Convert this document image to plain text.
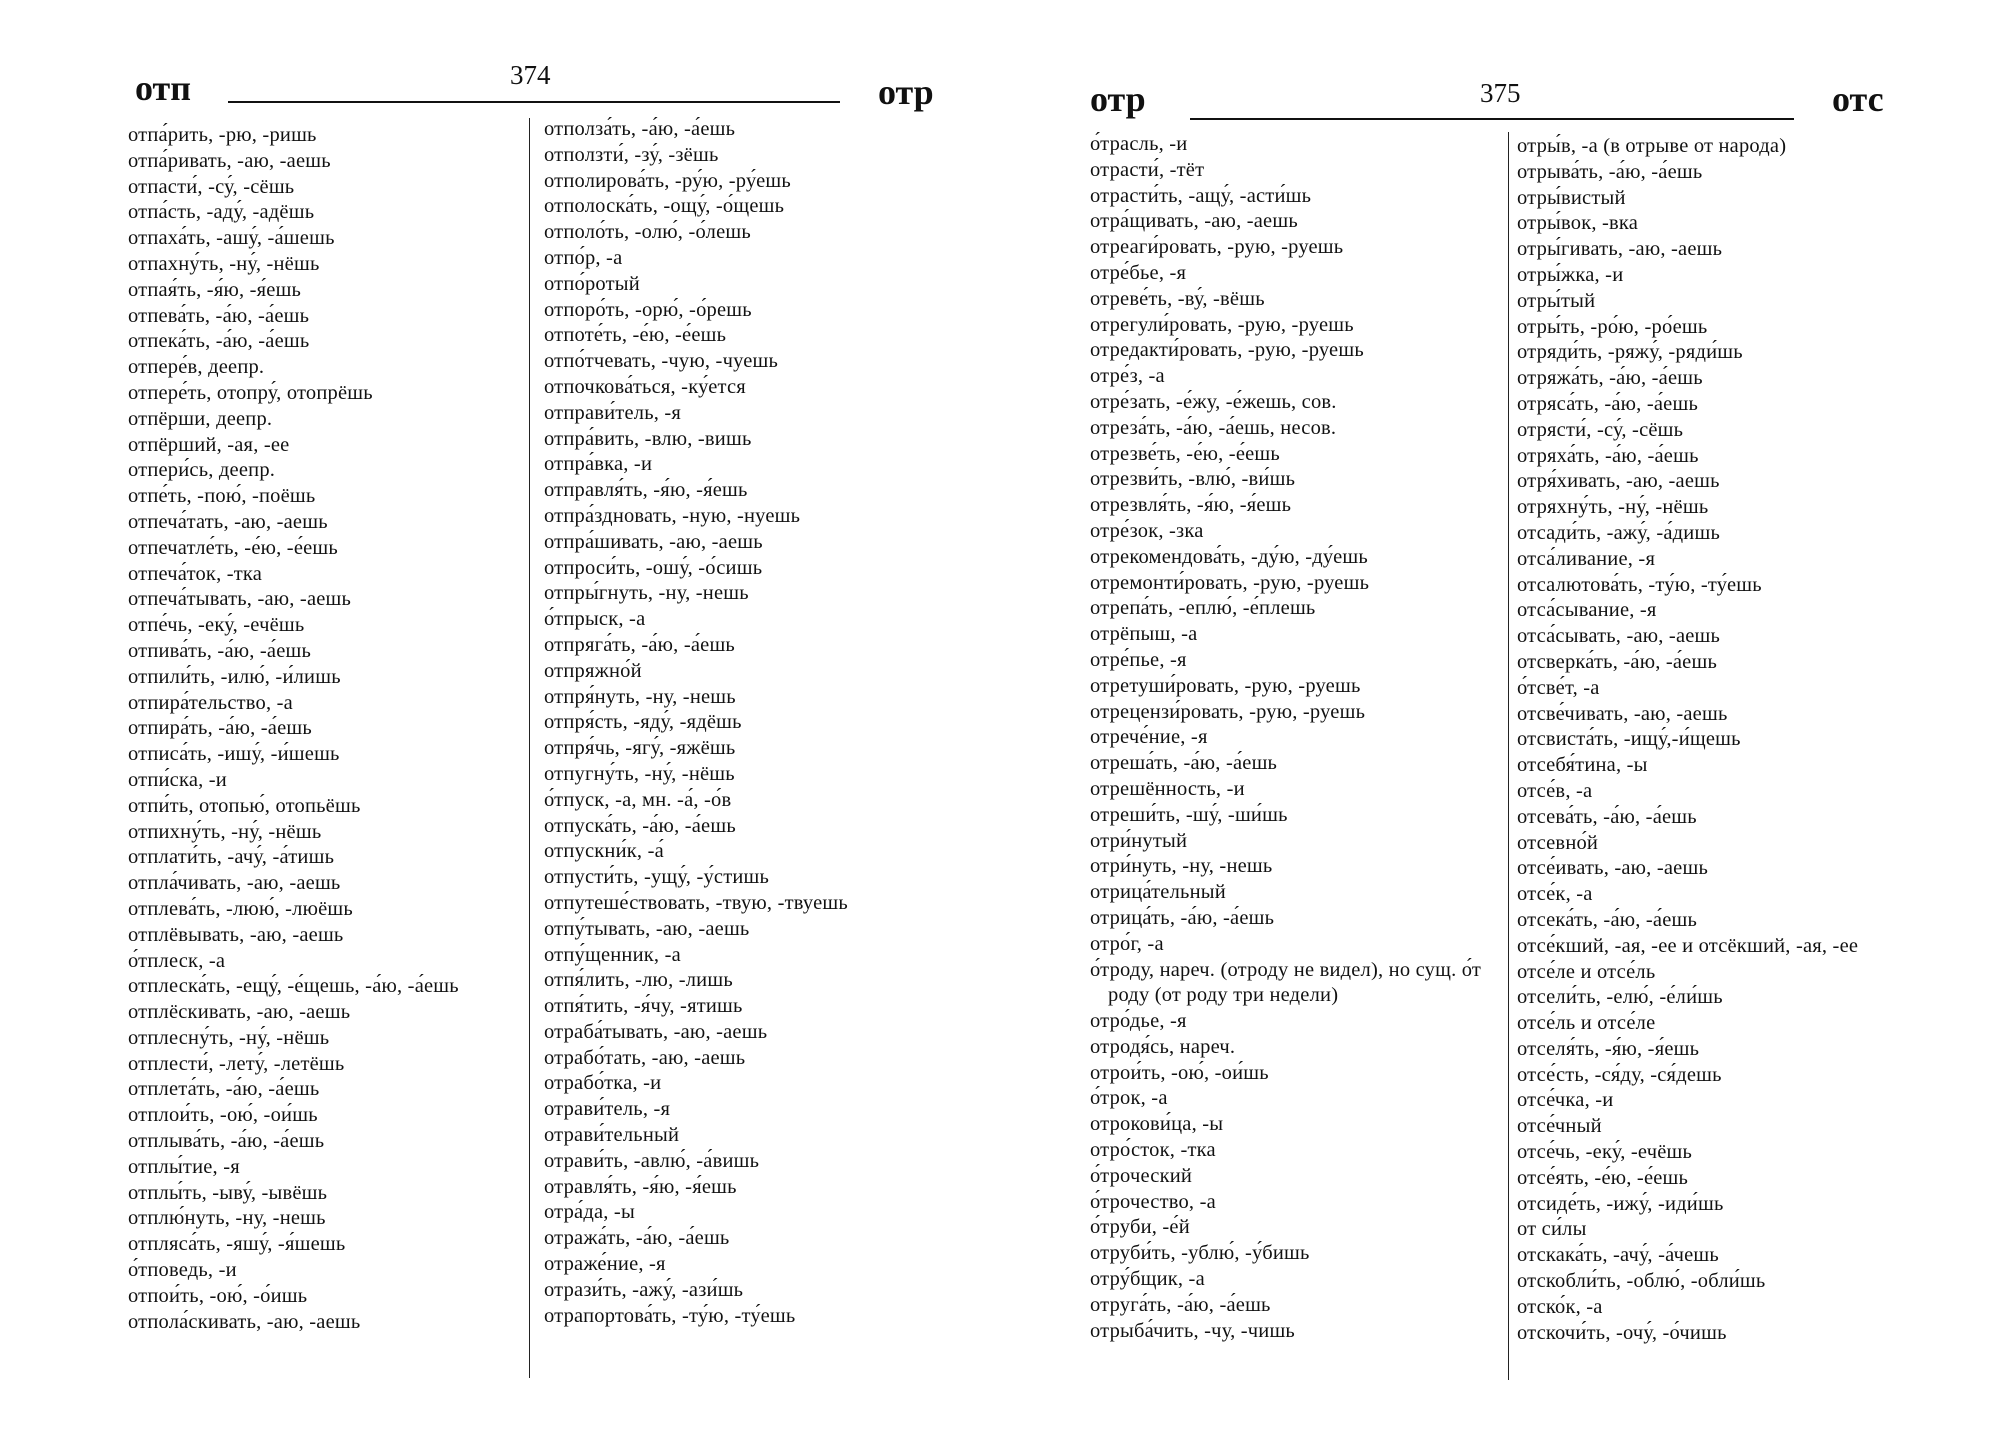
отп	374	отр
отпа́рить, -рю, -ришь
отпа́ривать, -аю, -аешь
отпасти́, -су́, -сёшь
отпа́сть, -аду́, -адёшь
отпаха́ть, -ашу́, -а́шешь
отпахну́ть, -ну́, -нёшь
отпая́ть, -я́ю, -я́ешь
отпева́ть, -а́ю, -а́ешь
отпека́ть, -а́ю, -а́ешь
отпере́в, деепр.
отпере́ть, отопру́, отопрёшь
отпёрши, деепр.
отпёрший, -ая, -ее
отпери́сь, деепр.
отпе́ть, -пою́, -поёшь
отпеча́тать, -аю, -аешь
отпечатле́ть, -е́ю, -е́ешь
отпеча́ток, -тка
отпеча́тывать, -аю, -аешь
отпе́чь, -еку́, -ечёшь
отпива́ть, -а́ю, -а́ешь
отпили́ть, -илю́, -и́лишь
отпира́тельство, -а
отпира́ть, -а́ю, -а́ешь
отписа́ть, -ишу́, -и́шешь
отпи́ска, -и
отпи́ть, отопью́, отопьёшь
отпихну́ть, -ну́, -нёшь
отплати́ть, -ачу́, -а́тишь
отпла́чивать, -аю, -аешь
отплева́ть, -люю́, -люёшь
отплёвывать, -аю, -аешь
о́тплеск, -а
отплеска́ть, -ещу́, -е́щешь, -а́ю, -а́ешь
отплёскивать, -аю, -аешь
отплесну́ть, -ну́, -нёшь
отплести́, -лету́, -летёшь
отплета́ть, -а́ю, -а́ешь
отплои́ть, -ою́, -ои́шь
отплыва́ть, -а́ю, -а́ешь
отплы́тие, -я
отплы́ть, -ыву́, -ывёшь
отплю́нуть, -ну, -нешь
отпляса́ть, -яшу́, -я́шешь
о́тповедь, -и
отпои́ть, -ою́, -о́ишь
отпола́скивать, -аю, -аешь
отполза́ть, -а́ю, -а́ешь
отползти́, -зу́, -зёшь
отполирова́ть, -ру́ю, -ру́ешь
отполоска́ть, -ощу́, -о́щешь
отполо́ть, -олю́, -о́лешь
отпо́р, -а
отпо́ротый
отпоро́ть, -орю́, -о́решь
отпоте́ть, -е́ю, -е́ешь
отпо́тчевать, -чую, -чуешь
отпочкова́ться, -ку́ется
отправи́тель, -я
отпра́вить, -влю, -вишь
отпра́вка, -и
отправля́ть, -я́ю, -я́ешь
отпра́здновать, -ную, -нуешь
отпра́шивать, -аю, -аешь
отпроси́ть, -ошу́, -о́сишь
отпры́гнуть, -ну, -нешь
о́тпрыск, -а
отпряга́ть, -а́ю, -а́ешь
отпряжно́й
отпря́нуть, -ну, -нешь
отпря́сть, -яду́, -ядёшь
отпря́чь, -ягу́, -яжёшь
отпугну́ть, -ну́, -нёшь
о́тпуск, -а, мн. -а́, -о́в
отпуска́ть, -а́ю, -а́ешь
отпускни́к, -а́
отпусти́ть, -ущу́, -у́стишь
отпутеше́ствовать, -твую, -твуешь
отпу́тывать, -аю, -аешь
отпу́щенник, -а
отпя́лить, -лю, -лишь
отпя́тить, -я́чу, -ятишь
отраба́тывать, -аю, -аешь
отрабо́тать, -аю, -аешь
отрабо́тка, -и
отрави́тель, -я
отрави́тельный
отрави́ть, -авлю́, -а́вишь
отравля́ть, -я́ю, -я́ешь
отра́да, -ы
отража́ть, -а́ю, -а́ешь
отраже́ние, -я
отрази́ть, -ажу́, -ази́шь
отрапортова́ть, -ту́ю, -ту́ешь
отр	375	отс
о́трасль, -и
отрасти́, -тёт
отрасти́ть, -ащу́, -асти́шь
отра́щивать, -аю, -аешь
отреаги́ровать, -рую, -руешь
отре́бье, -я
отреве́ть, -ву́, -вёшь
отрегули́ровать, -рую, -руешь
отредакти́ровать, -рую, -руешь
отре́з, -а
отре́зать, -е́жу, -е́жешь, сов.
отреза́ть, -а́ю, -а́ешь, несов.
отрезве́ть, -е́ю, -е́ешь
отрезви́ть, -влю́, -ви́шь
отрезвля́ть, -я́ю, -я́ешь
отре́зок, -зка
отрекомендова́ть, -ду́ю, -ду́ешь
отремонти́ровать, -рую, -руешь
отрепа́ть, -еплю́, -е́плешь
отрёпыш, -а
отре́пье, -я
отретуши́ровать, -рую, -руешь
отрецензи́ровать, -рую, -руешь
отрече́ние, -я
отреша́ть, -а́ю, -а́ешь
отрешённость, -и
отреши́ть, -шу́, -ши́шь
отри́нутый
отри́нуть, -ну, -нешь
отрица́тельный
отрица́ть, -а́ю, -а́ешь
отро́г, -а
о́троду, нареч. (отроду не видел), но сущ. о́т роду (от роду три недели)
отро́дье, -я
отродя́сь, нареч.
отрои́ть, -ою́, -ои́шь
о́трок, -а
отрокови́ца, -ы
отро́сток, -тка
о́троческий
о́трочество, -а
о́труби, -е́й
отруби́ть, -ублю́, -у́бишь
отру́бщик, -а
отруга́ть, -а́ю, -а́ешь
отрыба́чить, -чу, -чишь
отры́в, -а (в отрыве от народа)
отрыва́ть, -а́ю, -а́ешь
отры́вистый
отры́вок, -вка
отры́гивать, -аю, -аешь
отры́жка, -и
отры́тый
отры́ть, -ро́ю, -ро́ешь
отряди́ть, -ряжу́, -ряди́шь
отряжа́ть, -а́ю, -а́ешь
отряса́ть, -а́ю, -а́ешь
отрясти́, -су́, -сёшь
отряха́ть, -а́ю, -а́ешь
отря́хивать, -аю, -аешь
отряхну́ть, -ну́, -нёшь
отсади́ть, -ажу́, -а́дишь
отса́ливание, -я
отсалютова́ть, -ту́ю, -ту́ешь
отса́сывание, -я
отса́сывать, -аю, -аешь
отсверка́ть, -а́ю, -а́ешь
о́тсве́т, -а
отсве́чивать, -аю, -аешь
отсвиста́ть, -ищу́,-и́щешь
отсебя́тина, -ы
отсе́в, -а
отсева́ть, -а́ю, -а́ешь
отсевно́й
отсе́ивать, -аю, -аешь
отсе́к, -а
отсека́ть, -а́ю, -а́ешь
отсе́кший, -ая, -ее и отсёкший, -ая, -ее
отсе́ле и отсе́ль
отсели́ть, -елю́, -е́ли́шь
отсе́ль и отсе́ле
отселя́ть, -я́ю, -я́ешь
отсе́сть, -ся́ду, -ся́дешь
отсе́чка, -и
отсе́чный
отсе́чь, -еку́, -ечёшь
отсе́ять, -е́ю, -е́ешь
отсиде́ть, -ижу́, -иди́шь
от си́лы
отскака́ть, -ачу́, -а́чешь
отскобли́ть, -облю́, -обли́шь
отско́к, -а
отскочи́ть, -очу́, -о́чишь
